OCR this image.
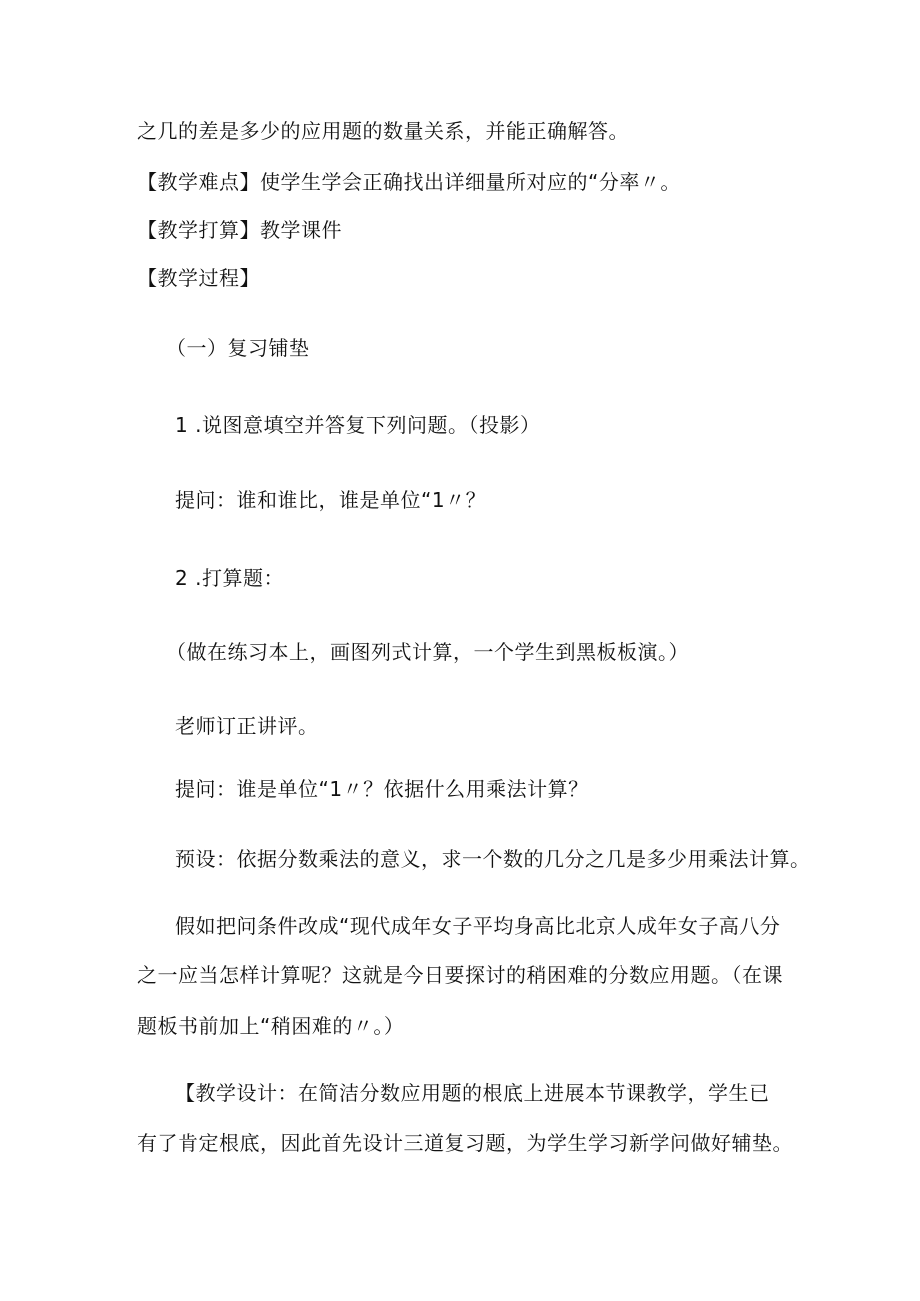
之几的差是多少的应用题的数量关系，并能正确解答。
【教学难点】使学生学会正确找出详细量所对应的“分率〃。
【教学打算】教学课件
【教学过程】
（一）复习铺垫
1 .说图意填空并答复下列问题。（投影）
提问：谁和谁比，谁是单位“1〃？
2 .打算题：
（做在练习本上，画图列式计算，一个学生到黑板板演。）
老师订正讲评。
提问：谁是单位“1〃？依据什么用乘法计算？
预设：依据分数乘法的意义，求一个数的几分之几是多少用乘法计算。
假如把问条件改成“现代成年女子平均身高比北京人成年女子高八分
之一应当怎样计算呢？这就是今日要探讨的稍困难的分数应用题。（在课
题板书前加上“稍困难的〃。）
【教学设计：在简洁分数应用题的根底上进展本节课教学，学生已
有了肯定根底，因此首先设计三道复习题，为学生学习新学问做好辅垫。
